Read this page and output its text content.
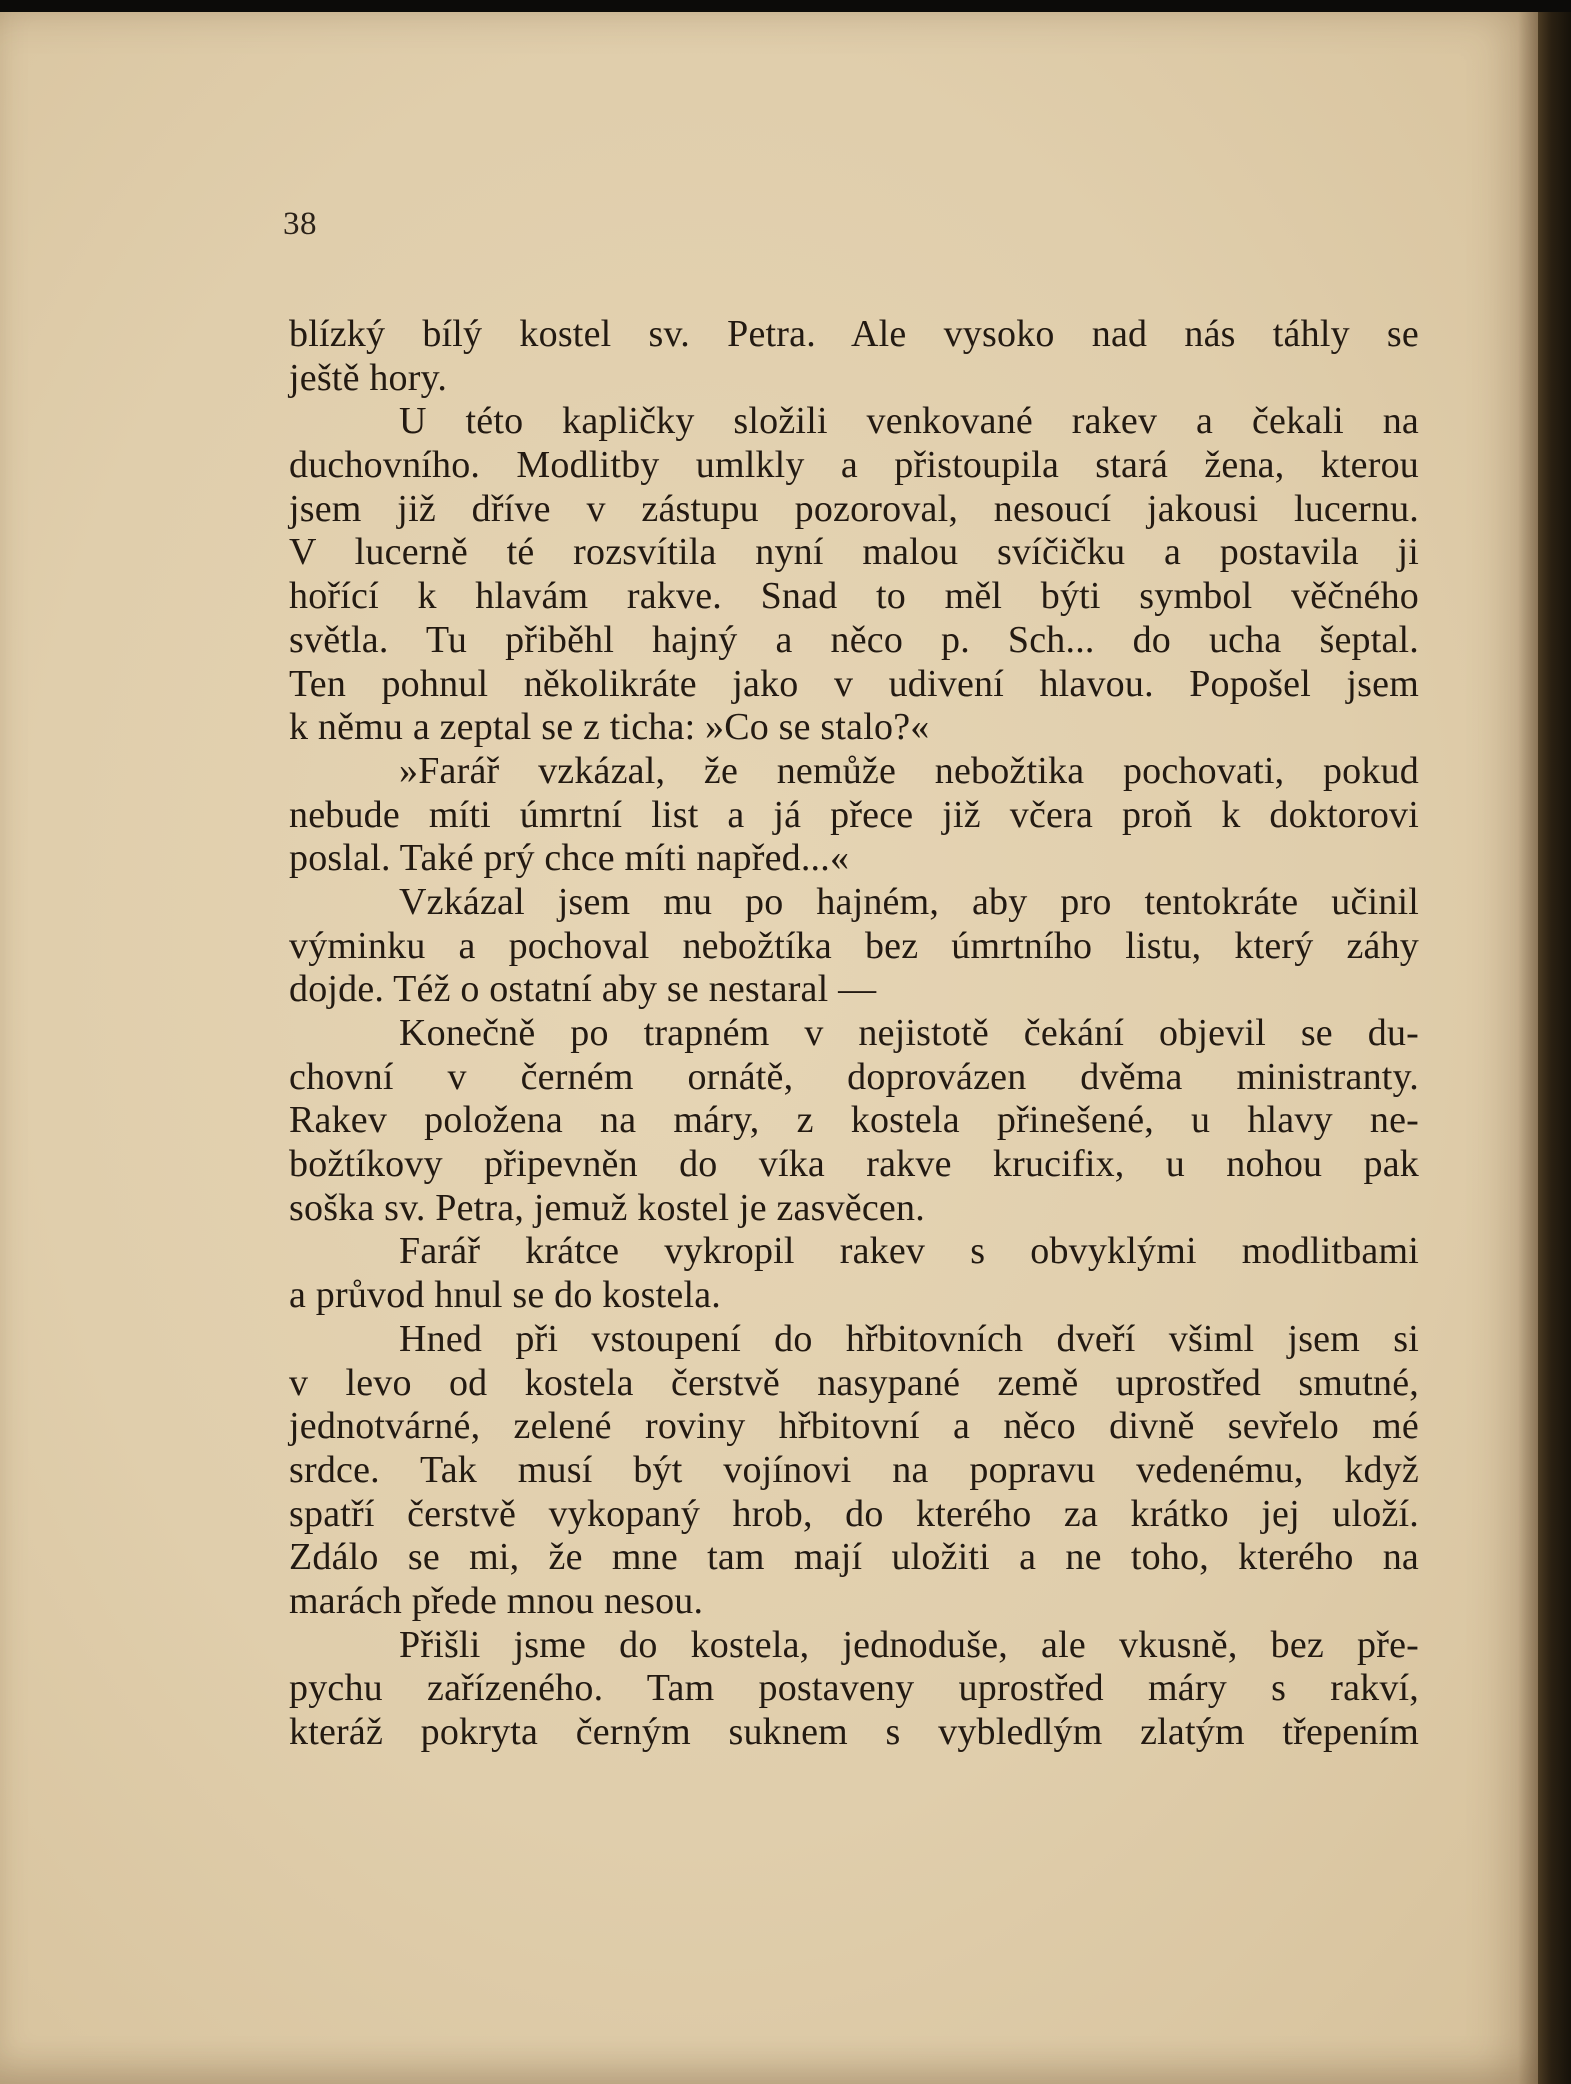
38
blízký bílý kostel sv. Petra. Ale vysoko nad nás táhly se
ještě hory.
U této kapličky složili venkované rakev a čekali na
duchovního. Modlitby umlkly a přistoupila stará žena, kterou
jsem již dříve v zástupu pozoroval, nesoucí jakousi lucernu.
V lucerně té rozsvítila nyní malou svíčičku a postavila ji
hořící k hlavám rakve. Snad to měl býti symbol věčného
světla. Tu přiběhl hajný a něco p. Sch... do ucha šeptal.
Ten pohnul několikráte jako v udivení hlavou. Popošel jsem
k němu a zeptal se z ticha: »Co se stalo?«
»Farář vzkázal, že nemůže nebožtika pochovati, pokud
nebude míti úmrtní list a já přece již včera proň k doktorovi
poslal. Také prý chce míti napřed...«
Vzkázal jsem mu po hajném, aby pro tentokráte učinil
výminku a pochoval nebožtíka bez úmrtního listu, který záhy
dojde. Též o ostatní aby se nestaral —
Konečně po trapném v nejistotě čekání objevil se du-
chovní v černém ornátě, doprovázen dvěma ministranty.
Rakev položena na máry, z kostela přinešené, u hlavy ne-
božtíkovy připevněn do víka rakve krucifix, u nohou pak
soška sv. Petra, jemuž kostel je zasvěcen.
Farář krátce vykropil rakev s obvyklými modlitbami
a průvod hnul se do kostela.
Hned při vstoupení do hřbitovních dveří všiml jsem si
v levo od kostela čerstvě nasypané země uprostřed smutné,
jednotvárné, zelené roviny hřbitovní a něco divně sevřelo mé
srdce. Tak musí být vojínovi na popravu vedenému, když
spatří čerstvě vykopaný hrob, do kterého za krátko jej uloží.
Zdálo se mi, že mne tam mají uložiti a ne toho, kterého na
marách přede mnou nesou.
Přišli jsme do kostela, jednoduše, ale vkusně, bez pře-
pychu zařízeného. Tam postaveny uprostřed máry s rakví,
kteráž pokryta černým suknem s vybledlým zlatým třepením
